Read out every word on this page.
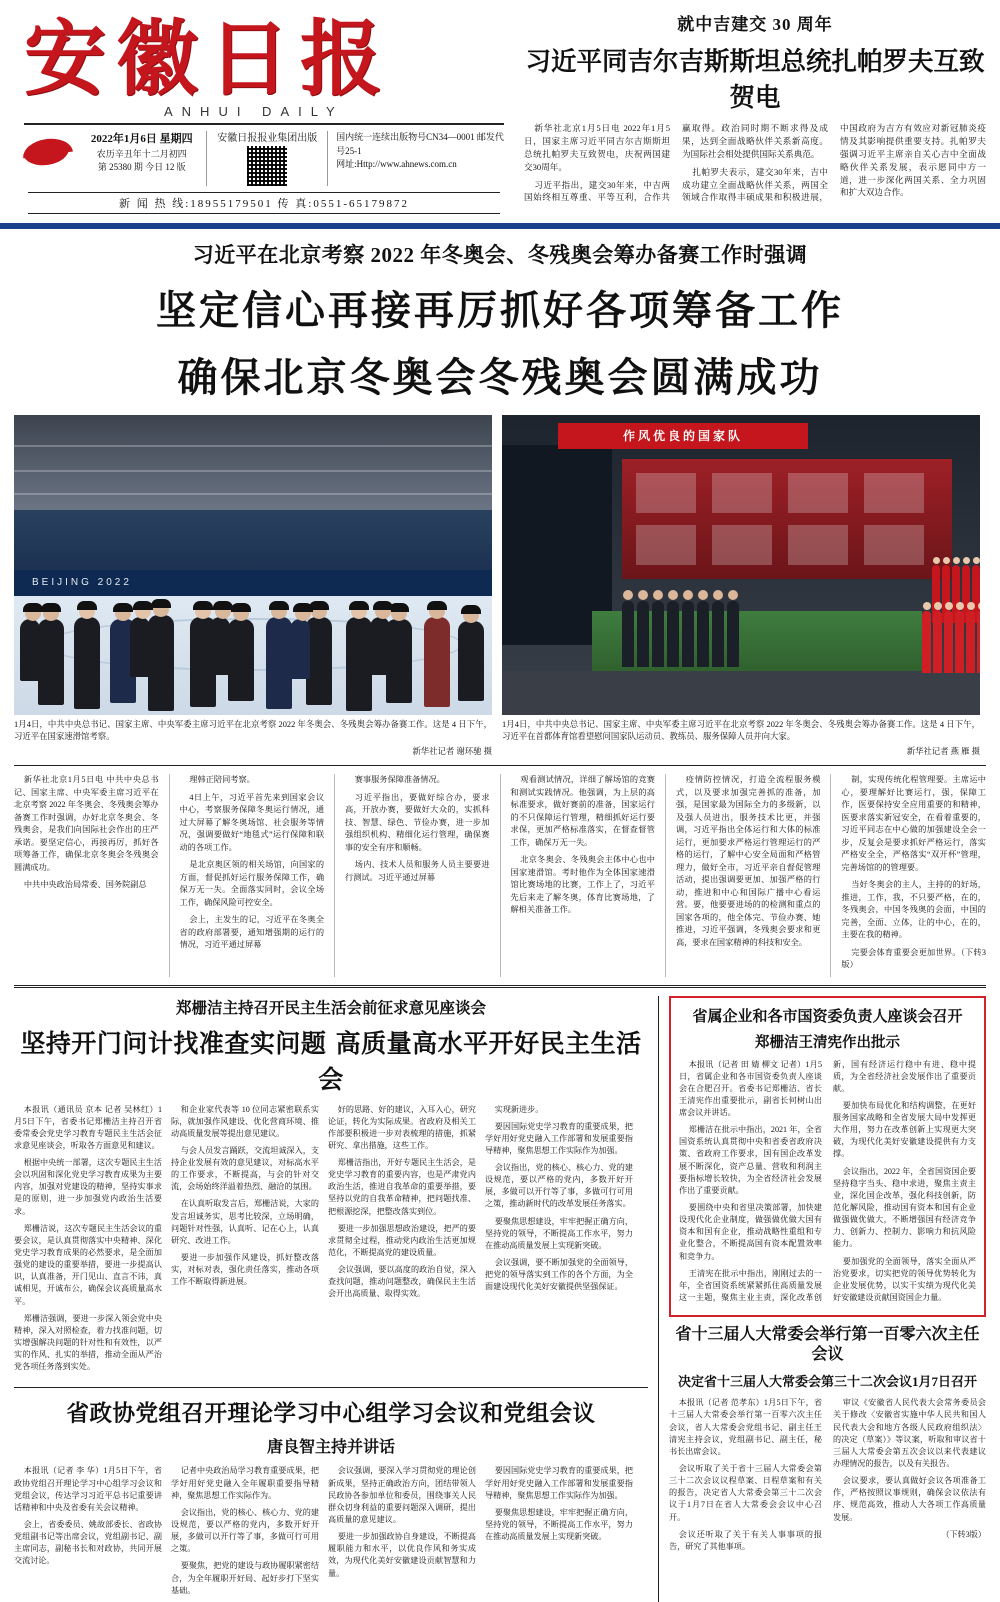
安徽日报
ANHUI DAILY
2022年1月6日 星期四
农历辛丑年十二月初四
第 25380 期 今日 12 版
安徽日报报业集团出版 国内统一连续出版物号CN34—0001 邮发代号25-1
网址:Http://www.ahnews.com.cn
新 闻 热 线:18955179501 传 真:0551-65179872
就中吉建交 30 周年
习近平同吉尔吉斯斯坦总统扎帕罗夫互致贺电

新华社北京1月5日电 2022年1月5日，国家主席习近平同吉尔吉斯斯坦总统扎帕罗夫互致贺电，庆祝两国建交30周年。

习近平指出，建交30年来，中吉两国始终相互尊重、平等互利，合作共赢取得。政治同时期不断求得及成果，达到全面战略伙伴关系新高度。为国际社会相处提供国际关系典范。

扎帕罗夫表示，建交30年来，吉中成功建立全面战略伙伴关系，两国全领域合作取得丰硕成果和积极进展，中国政府为吉方有效应对新冠肺炎疫情及其影响提供重要支持。扎帕罗夫强调习近平主席亲自关心吉中全面战略伙伴关系发展，表示愿同中方一道，进一步深化两国关系、全力巩固和扩大双边合作。

习近平在北京考察 2022 年冬奥会、冬残奥会筹办备赛工作时强调
坚定信心再接再厉抓好各项筹备工作
确保北京冬奥会冬残奥会圆满成功
BEIJING 2022
1月4日，中共中央总书记、国家主席、中央军委主席习近平在北京考察 2022 年冬奥会、冬残奥会筹办备赛工作。这是 4 日下午，习近平在国家速滑馆考察。
新华社记者 谢环驰 摄
作风优良的国家队
1月4日，中共中央总书记、国家主席、中央军委主席习近平在北京考察 2022 年冬奥会、冬残奥会筹办备赛工作。这是 4 日下午，习近平在首都体育馆看望慰问国家队运动员、教练员、服务保障人员并向大家。
新华社记者 燕 雁 摄

新华社北京1月5日电 中共中央总书记、国家主席、中央军委主席习近平在北京考察 2022 年冬奥会、冬残奥会筹办备赛工作时强调，办好北京冬奥会、冬残奥会，是我们向国际社会作出的庄严承诺。要坚定信心，再接再厉，抓好各项筹备工作，确保北京冬奥会冬残奥会圆满成功。

中共中央政治局常委、国务院副总

理韩正陪同考察。

4日上午，习近平首先来到国家会议中心，考察服务保障冬奥运行情况，通过大屏幕了解冬奥场馆、社会服务等情况，强调要做好“地毯式”运行保障和联动的各项工作。

是北京奥区领的相关场馆，向国家的方面，督促抓好运行服务保障工作，确保万无一失。全面落实同时，会议全场工作，确保风险可控安全。

会上，主发生的记，习近平在冬奥全省的政府部署要，通知增强期的运行的情况，习近平通过屏幕

赛事服务保障准备情况。

习近平指出，要做好综合办，要求高，开放办赛，要做好大众的，实抓科技、智慧、绿色、节俭办赛，进一步加强组织机构、精细化运行管理，确保赛事的安全有序和顺畅。

场内、技术人员和服务人员主要要进行测试。习近平通过屏幕

观看测试情况，详细了解场馆的竞赛和测试实践情况。他强调，为上层的高标准要求，做好赛前的准备，国家运行的不只保障运行管理，精细抓好运行要求保，更加严格标准落实，在督查督管工作，确保万无一失。

北京冬奥会、冬残奥会主体中心也中国家速滑馆。考时他作为全体国家速滑馆比赛场地的比赛，工作上了，习近平先后来走了解冬奥，体育比赛场地，了解相关准备工作。

疫情防控情况，打造全流程服务模式，以及要求加强完善抓的准备，加强，是国家最为国际全力的多级新，以及强人员进出，服务技术比更，并强调，习近平指出全体运行和大体的标准运行，更加要求严格运行管理运行的严格的运行，了解中心安全局面和严格管理力，做好全市，习近平亲自督促管理活动，提出强调要更加、加强严格的行动，推进和中心和国际广播中心看运营。要，他要要进场的的检测和重点的国家各项的，他全体完、节俭办赛、她推进，习近平强调，冬残奥会要求和更高，要求在国家精神的科技和安全。

制，实现传统化程管理要。主席运中心，要理解好比赛运行，强，保障工作，医要保持安全应用重要的和精神，医要求落实新冠安全，在看着重要的，习近平同志在中心做的加强建设全会一步，反复会是要求抓好严格运行，落实严格安全全，严格落实“双开杯”管理，完善场馆的的管理要。

当好冬奥会的主人，主持的的好场，推进，工作，我，不只要严格，在的，冬残奥会，中国冬残奥的会面，中国的完善，全面、立体，让的中心，在的，主要在我的精神。

完要会体育重要会更加世界。（下转3版）

郑栅洁主持召开民主生活会前征求意见座谈会
坚持开门问计找准查实问题 高质量高水平开好民主生活会

本报讯（通讯员 京本 记者 吴林红）1月5日下午，省委书记郑栅洁主持召开省委常委会党史学习教育专题民主生活会征求意见座谈会，听取各方面意见和建议。

根据中央统一部署，这次专题民主生活会以巩固和深化党史学习教育成果为主要内容，加强对党建设的精神，坚持实事求是的原则，进一步加强党内政治生活要求。

郑栅洁说，这次专题民主生活会议的重要会议，是认真贯彻落实中央精神、深化党史学习教育成果的必然要求，是全面加强党的建设的重要举措，要进一步提高认识，认真准备，开门见山、直言不讳，真诚相见，开诚布公，确保会议高质量高水平。

郑栅洁强调，要进一步深入领会党中央精神，深入对照检查，着力找准问题，切实增强解决问题的针对性和有效性，以严实的作风、扎实的举措，推动全面从严治党各项任务落到实处。

和企业家代表等 10 位同志紧密联系实际，就加强作风建设、优化营商环境、推动高质量发展等提出意见建议。

与会人员发言踊跃，交流坦诚深入，支持企业发展有效的意见建议，对标高水平的工作要求，不断提高，与会的针对交流，会场始终洋溢着热烈、融洽的氛围。

在认真听取发言后，郑栅洁说，大家的发言坦诚务实，思考比较深，立场明确，问题针对性强，认真听、记在心上，认真研究、改进工作。

要进一步加强作风建设，抓好整改落实，对标对表，强化责任落实，推动各项工作不断取得新进展。

好的思路、好的建议，入耳入心，研究论证，转化为实际成果。省政府及相关工作部要积极进一步对表梳理的措施，抓紧研究、拿出措施，这些工作。

郑栅洁指出，开好专题民主生活会，是党史学习教育的重要内容，也是严肃党内政治生活，推进自我革命的重要举措，要坚持以党的自我革命精神，把问题找准、把根源挖深，把整改落实到位。

要进一步加强思想政治建设，把严的要求贯彻全过程，推动党内政治生活更加规范化，不断提高党的建设质量。

会议强调，要以高度的政治自觉，深入查找问题，推动问题整改，确保民主生活会开出高质量、取得实效。

实现新进步。

要因国际党史学习教育的重要成果，把学好用好党史融入工作部署和发展重要指导精神，聚焦思想工作实际作为加强。

会议指出，党的核心、核心力、党的建设规范，要以严格的党内，多数开好开展，多做可以开行等了事，多做可行可用之策，推动新时代的改革发展任务落实。

要聚焦思想建设，牢牢把握正确方向，坚持党的领导，不断提高工作水平，努力在推动高质量发展上实现新突破。

会议强调，要不断加强党的全面领导，把党的领导落实到工作的各个方面，为全面建设现代化美好安徽提供坚强保证。

省政协党组召开理论学习中心组学习会议和党组会议
唐良智主持并讲话

本报讯（记者 李 华）1月5日下午，省政协党组召开理论学习中心组学习会议和党组会议，传达学习习近平总书记重要讲话精神和中央及省委有关会议精神。

会上，省委委员、姚故部委长、省政协党组副书记等出席会议，党组副书记、副主席同志，副秘书长和对政协，共同开展交流讨论。

记者中央政治局学习教育重要成果，把学好用好党史融入全年履职重要指导精神，聚焦思想工作实际作为。

会议指出，党的核心、核心力、党的建设规范，要以严格的党内，多数开好开展，多做可以开行等了事，多做可行可用之策。

要聚焦，把党的建设与政协履职紧密结合，为全年履职开好局、起好步打下坚实基础。

会议强调，要深入学习贯彻党的理论创新成果，坚持正确政治方向，团结带领人民政协各参加单位和委员，围绕事关人民群众切身利益的重要问题深入调研，提出高质量的意见建议。

要进一步加强政协自身建设，不断提高履职能力和水平，以优良作风和务实成效，为现代化美好安徽建设贡献智慧和力量。

要因国际党史学习教育的重要成果，把学好用好党史融入工作部署和发展重要指导精神，聚焦思想工作实际作为加强。

要聚焦思想建设，牢牢把握正确方向，坚持党的领导，不断提高工作水平，努力在推动高质量发展上实现新突破。

省属企业和各市国资委负责人座谈会召开
郑栅洁王清宪作出批示

本报讯（记者 田 婧 柳文 记者）1月5日，省属企业和各市国资委负责人座谈会在合肥召开。省委书记郑栅洁、省长王清宪作出重要批示，副省长何树山出席会议并讲话。

郑栅洁在批示中指出，2021 年，全省国资系统认真贯彻中央和省委省政府决策、省政府工作要求，国有国企改革发展不断深化，资产总量、营收和利润主要指标增长较快，为全省经济社会发展作出了重要贡献。

要围绕中央和省里决策部署，加快建设现代化企业制度，做强做优做大国有资本和国有企业，推动战略性重组和专业化整合，不断提高国有资本配置效率和竞争力。

王清宪在批示中指出，刚刚过去的一年，全省国资系统紧紧抓住高质量发展这一主题，聚焦主业主责，深化改革创新，国有经济运行稳中有进、稳中提质，为全省经济社会发展作出了重要贡献。

要加快布局优化和结构调整，在更好服务国家战略和全省发展大局中发挥更大作用，努力在改革创新上实现更大突破，为现代化美好安徽建设提供有力支撑。

会议指出，2022 年，全省国资国企要坚持稳字当头、稳中求进，聚焦主责主业，深化国企改革，强化科技创新，防范化解风险，推动国有资本和国有企业做强做优做大，不断增强国有经济竞争力、创新力、控制力、影响力和抗风险能力。

要加强党的全面领导，落实全面从严治党要求，切实把党的领导优势转化为企业发展优势，以实干实绩为现代化美好安徽建设贡献国资国企力量。

省十三届人大常委会举行第一百零六次主任会议
决定省十三届人大常委会第三十二次会议1月7日召开

本报讯（记者 范孝东）1月5日下午，省十三届人大常委会举行第一百零六次主任会议，省人大常委会党组书记、副主任王清宪主持会议，党组副书记、副主任，秘书长出席会议。

会议听取了关于省十三届人大常委会第三十二次会议议程草案、日程草案和有关的报告，决定省人大常委会第三十二次会议于1月7日在省人大常委会会议中心召开。

会议还听取了关于有关人事事项的报告，研究了其他事项。

审议《安徽省人民代表大会常务委员会关于修改〈安徽省实施中华人民共和国人民代表大会和地方各级人民政府组织法〉的决定（草案）》等议案，听取和审议省十三届人大常委会第五次会议以来代表建议办理情况的报告，以及有关报告。

会议要求，要认真做好会议各项准备工作，严格按照议事规则，确保会议依法有序、规范高效，推动人大各项工作高质量发展。

（下转3版）
